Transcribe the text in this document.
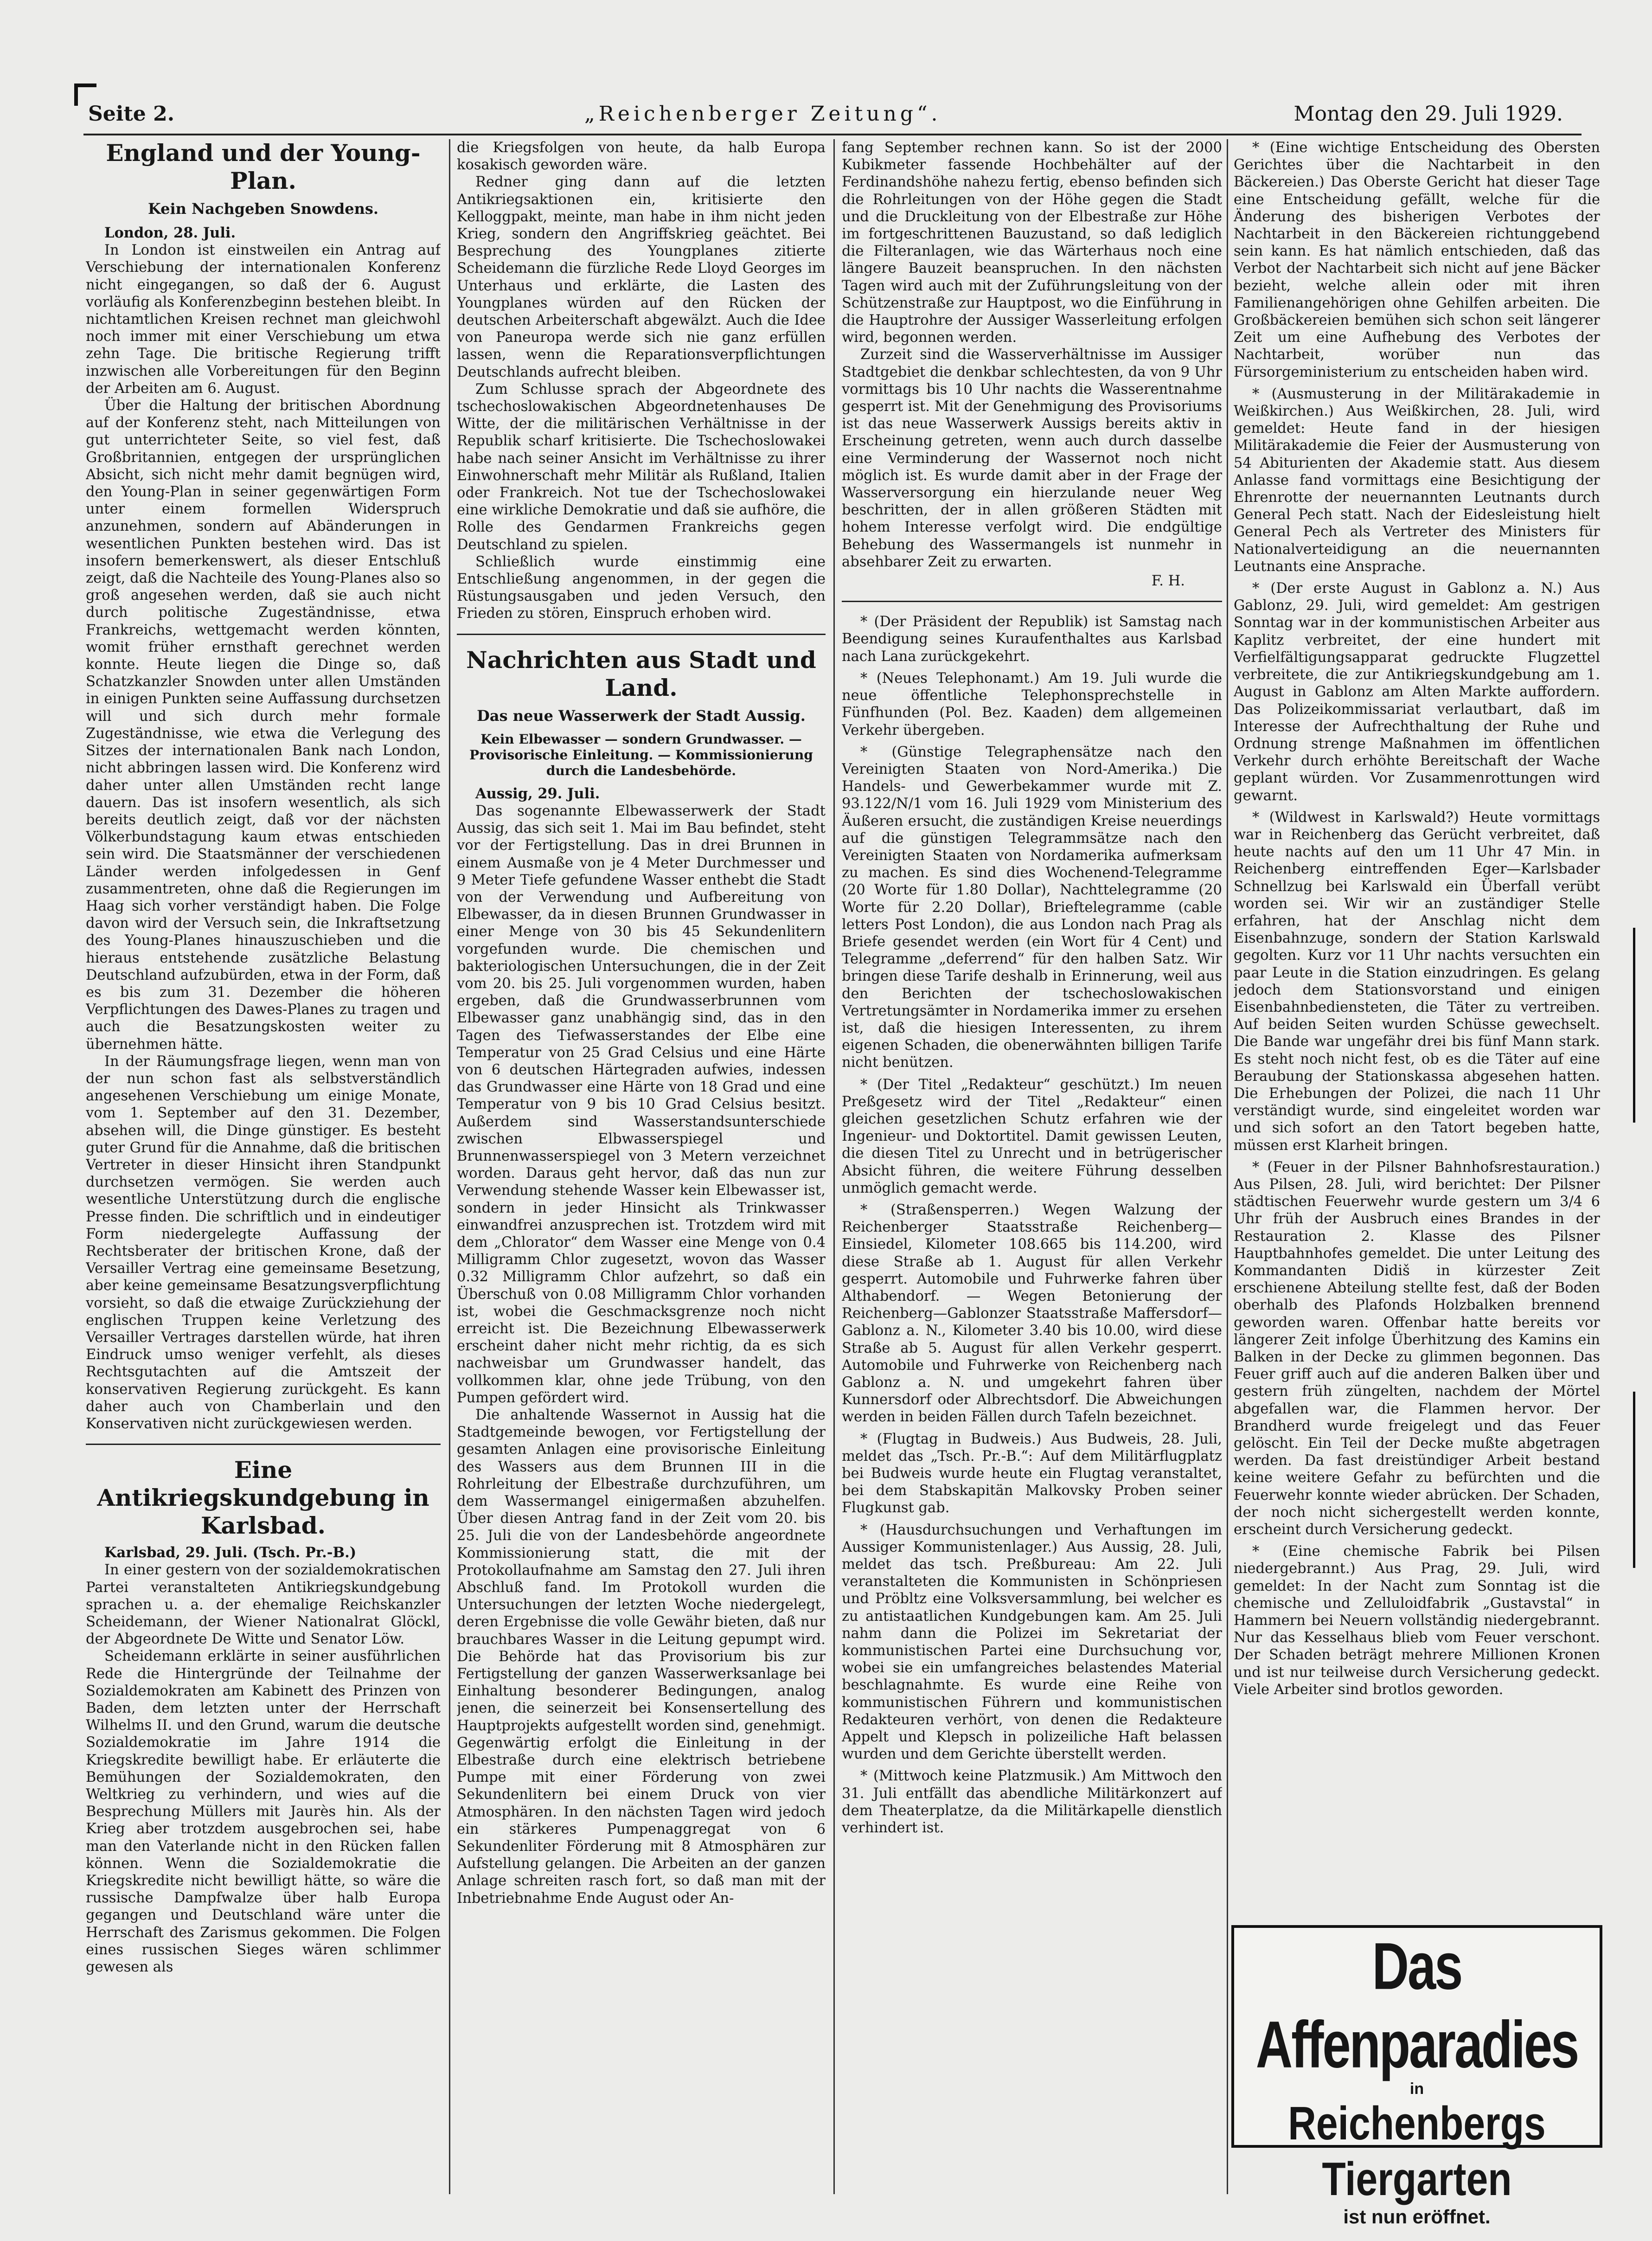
Seite 2.	„Reichenberger Zeitung“.	Montag den 29. Juli 1929.
England und der Young-Plan.
Kein Nachgeben Snowdens.

London, 28. Juli.

In London ist einstweilen ein Antrag auf Verschiebung der internationalen Konferenz nicht eingegangen, so daß der 6. August vorläufig als Konferenzbeginn bestehen bleibt. In nichtamtlichen Kreisen rechnet man gleichwohl noch immer mit einer Verschiebung um etwa zehn Tage. Die britische Regierung trifft inzwischen alle Vorbereitungen für den Beginn der Arbeiten am 6. August.

Über die Haltung der britischen Abordnung auf der Konferenz steht, nach Mitteilungen von gut unterrichteter Seite, so viel fest, daß Großbritannien, entgegen der ursprünglichen Absicht, sich nicht mehr damit begnügen wird, den Young-Plan in seiner gegenwärtigen Form unter einem formellen Widerspruch anzunehmen, sondern auf Abänderungen in wesentlichen Punkten bestehen wird. Das ist insofern bemerkenswert, als dieser Entschluß zeigt, daß die Nachteile des Young-Planes also so groß angesehen werden, daß sie auch nicht durch politische Zugeständnisse, etwa Frankreichs, wettgemacht werden könnten, womit früher ernsthaft gerechnet werden konnte. Heute liegen die Dinge so, daß Schatzkanzler Snowden unter allen Umständen in einigen Punkten seine Auffassung durchsetzen will und sich durch mehr formale Zugeständnisse, wie etwa die Verlegung des Sitzes der internationalen Bank nach London, nicht abbringen lassen wird. Die Konferenz wird daher unter allen Umständen recht lange dauern. Das ist insofern wesentlich, als sich bereits deutlich zeigt, daß vor der nächsten Völkerbundstagung kaum etwas entschieden sein wird. Die Staatsmänner der verschiedenen Länder werden infolgedessen in Genf zusammentreten, ohne daß die Regierungen im Haag sich vorher verständigt haben. Die Folge davon wird der Versuch sein, die Inkraftsetzung des Young-Planes hinauszuschieben und die hieraus entstehende zusätzliche Belastung Deutschland aufzubürden, etwa in der Form, daß es bis zum 31. Dezember die höheren Verpflichtungen des Dawes-Planes zu tragen und auch die Besatzungskosten weiter zu übernehmen hätte.

In der Räumungsfrage liegen, wenn man von der nun schon fast als selbstverständlich angesehenen Verschiebung um einige Monate, vom 1. September auf den 31. Dezember, absehen will, die Dinge günstiger. Es besteht guter Grund für die Annahme, daß die britischen Vertreter in dieser Hinsicht ihren Standpunkt durchsetzen vermögen. Sie werden auch wesentliche Unterstützung durch die englische Presse finden. Die schriftlich und in eindeutiger Form niedergelegte Auffassung der Rechtsberater der britischen Krone, daß der Versailler Vertrag eine gemeinsame Besetzung, aber keine gemeinsame Besatzungsverpflichtung vorsieht, so daß die etwaige Zurückziehung der englischen Truppen keine Verletzung des Versailler Vertrages darstellen würde, hat ihren Eindruck umso weniger verfehlt, als dieses Rechtsgutachten auf die Amtszeit der konservativen Regierung zurückgeht. Es kann daher auch von Chamberlain und den Konservativen nicht zurückgewiesen werden.

Eine Antikriegskundgebung in Karlsbad.

Karlsbad, 29. Juli. (Tsch. Pr.-B.)

In einer gestern von der sozialdemokratischen Partei veranstalteten Antikriegskundgebung sprachen u. a. der ehemalige Reichskanzler Scheidemann, der Wiener Nationalrat Glöckl, der Abgeordnete De Witte und Senator Löw.

Scheidemann erklärte in seiner ausführlichen Rede die Hintergründe der Teilnahme der Sozialdemokraten am Kabinett des Prinzen von Baden, dem letzten unter der Herrschaft Wilhelms II. und den Grund, warum die deutsche Sozialdemokratie im Jahre 1914 die Kriegskredite bewilligt habe. Er erläuterte die Bemühungen der Sozialdemokraten, den Weltkrieg zu verhindern, und wies auf die Besprechung Müllers mit Jaurès hin. Als der Krieg aber trotzdem ausgebrochen sei, habe man den Vaterlande nicht in den Rücken fallen können. Wenn die Sozialdemokratie die Kriegskredite nicht bewilligt hätte, so wäre die russische Dampfwalze über halb Europa gegangen und Deutschland wäre unter die Herrschaft des Zarismus gekommen. Die Folgen eines russischen Sieges wären schlimmer gewesen als

die Kriegsfolgen von heute, da halb Europa kosakisch geworden wäre.

Redner ging dann auf die letzten Antikriegsaktionen ein, kritisierte den Kelloggpakt, meinte, man habe in ihm nicht jeden Krieg, sondern den Angriffskrieg geächtet. Bei Besprechung des Youngplanes zitierte Scheidemann die fürzliche Rede Lloyd Georges im Unterhaus und erklärte, die Lasten des Youngplanes würden auf den Rücken der deutschen Arbeiterschaft abgewälzt. Auch die Idee von Paneuropa werde sich nie ganz erfüllen lassen, wenn die Reparationsverpflichtungen Deutschlands aufrecht bleiben.

Zum Schlusse sprach der Abgeordnete des tschechoslowakischen Abgeordnetenhauses De Witte, der die militärischen Verhältnisse in der Republik scharf kritisierte. Die Tschechoslowakei habe nach seiner Ansicht im Verhältnisse zu ihrer Einwohnerschaft mehr Militär als Rußland, Italien oder Frankreich. Not tue der Tschechoslowakei eine wirkliche Demokratie und daß sie aufhöre, die Rolle des Gendarmen Frankreichs gegen Deutschland zu spielen.

Schließlich wurde einstimmig eine Entschließung angenommen, in der gegen die Rüstungsausgaben und jeden Versuch, den Frieden zu stören, Einspruch erhoben wird.

Nachrichten aus Stadt und Land.
Das neue Wasserwerk der Stadt Aussig.
Kein Elbewasser — sondern Grundwasser. — Provisorische Einleitung. — Kommissionierung durch die Landesbehörde.

Aussig, 29. Juli.

Das sogenannte Elbewasserwerk der Stadt Aussig, das sich seit 1. Mai im Bau befindet, steht vor der Fertigstellung. Das in drei Brunnen in einem Ausmaße von je 4 Meter Durchmesser und 9 Meter Tiefe gefundene Wasser enthebt die Stadt von der Verwendung und Aufbereitung von Elbewasser, da in diesen Brunnen Grundwasser in einer Menge von 30 bis 45 Sekundenlitern vorgefunden wurde. Die chemischen und bakteriologischen Untersuchungen, die in der Zeit vom 20. bis 25. Juli vorgenommen wurden, haben ergeben, daß die Grundwasserbrunnen vom Elbewasser ganz unabhängig sind, das in den Tagen des Tiefwasserstandes der Elbe eine Temperatur von 25 Grad Celsius und eine Härte von 6 deutschen Härtegraden aufwies, indessen das Grundwasser eine Härte von 18 Grad und eine Temperatur von 9 bis 10 Grad Celsius besitzt. Außerdem sind Wasserstandsunterschiede zwischen Elbwasserspiegel und Brunnenwasserspiegel von 3 Metern verzeichnet worden. Daraus geht hervor, daß das nun zur Verwendung stehende Wasser kein Elbewasser ist, sondern in jeder Hinsicht als Trinkwasser einwandfrei anzusprechen ist. Trotzdem wird mit dem „Chlorator“ dem Wasser eine Menge von 0.4 Milligramm Chlor zugesetzt, wovon das Wasser 0.32 Milligramm Chlor aufzehrt, so daß ein Überschuß von 0.08 Milligramm Chlor vorhanden ist, wobei die Geschmacksgrenze noch nicht erreicht ist. Die Bezeichnung Elbewasserwerk erscheint daher nicht mehr richtig, da es sich nachweisbar um Grundwasser handelt, das vollkommen klar, ohne jede Trübung, von den Pumpen gefördert wird.

Die anhaltende Wassernot in Aussig hat die Stadtgemeinde bewogen, vor Fertigstellung der gesamten Anlagen eine provisorische Einleitung des Wassers aus dem Brunnen III in die Rohrleitung der Elbestraße durchzuführen, um dem Wassermangel einigermaßen abzuhelfen. Über diesen Antrag fand in der Zeit vom 20. bis 25. Juli die von der Landesbehörde angeordnete Kommissionierung statt, die mit der Protokollaufnahme am Samstag den 27. Juli ihren Abschluß fand. Im Protokoll wurden die Untersuchungen der letzten Woche niedergelegt, deren Ergebnisse die volle Gewähr bieten, daß nur brauchbares Wasser in die Leitung gepumpt wird. Die Behörde hat das Provisorium bis zur Fertigstellung der ganzen Wasserwerksanlage bei Einhaltung besonderer Bedingungen, analog jenen, die seinerzeit bei Konsensertellung des Hauptprojekts aufgestellt worden sind, genehmigt. Gegenwärtig erfolgt die Einleitung in der Elbestraße durch eine elektrisch betriebene Pumpe mit einer Förderung von zwei Sekundenlitern bei einem Druck von vier Atmosphären. In den nächsten Tagen wird jedoch ein stärkeres Pumpenaggregat von 6 Sekundenliter Förderung mit 8 Atmosphären zur Aufstellung gelangen. Die Arbeiten an der ganzen Anlage schreiten rasch fort, so daß man mit der Inbetriebnahme Ende August oder An-

fang September rechnen kann. So ist der 2000 Kubikmeter fassende Hochbehälter auf der Ferdinandshöhe nahezu fertig, ebenso befinden sich die Rohrleitungen von der Höhe gegen die Stadt und die Druckleitung von der Elbestraße zur Höhe im fortgeschrittenen Bauzustand, so daß lediglich die Filteranlagen, wie das Wärterhaus noch eine längere Bauzeit beanspruchen. In den nächsten Tagen wird auch mit der Zuführungsleitung von der Schützenstraße zur Hauptpost, wo die Einführung in die Hauptrohre der Aussiger Wasserleitung erfolgen wird, begonnen werden.

Zurzeit sind die Wasserverhältnisse im Aussiger Stadtgebiet die denkbar schlechtesten, da von 9 Uhr vormittags bis 10 Uhr nachts die Wasserentnahme gesperrt ist. Mit der Genehmigung des Provisoriums ist das neue Wasserwerk Aussigs bereits aktiv in Erscheinung getreten, wenn auch durch dasselbe eine Verminderung der Wassernot noch nicht möglich ist. Es wurde damit aber in der Frage der Wasserversorgung ein hierzulande neuer Weg beschritten, der in allen größeren Städten mit hohem Interesse verfolgt wird. Die endgültige Behebung des Wassermangels ist nunmehr in absehbarer Zeit zu erwarten.

F. H.

* (Der Präsident der Republik) ist Samstag nach Beendigung seines Kuraufenthaltes aus Karlsbad nach Lana zurückgekehrt.

* (Neues Telephonamt.) Am 19. Juli wurde die neue öffentliche Telephonsprechstelle in Fünfhunden (Pol. Bez. Kaaden) dem allgemeinen Verkehr übergeben.

* (Günstige Telegraphensätze nach den Vereinigten Staaten von Nord-Amerika.) Die Handels- und Gewerbekammer wurde mit Z. 93.122/N/1 vom 16. Juli 1929 vom Ministerium des Äußeren ersucht, die zuständigen Kreise neuerdings auf die günstigen Telegrammsätze nach den Vereinigten Staaten von Nordamerika aufmerksam zu machen. Es sind dies Wochenend-Telegramme (20 Worte für 1.80 Dollar), Nachttelegramme (20 Worte für 2.20 Dollar), Brieftelegramme (cable letters Post London), die aus London nach Prag als Briefe gesendet werden (ein Wort für 4 Cent) und Telegramme „deferrend“ für den halben Satz. Wir bringen diese Tarife deshalb in Erinnerung, weil aus den Berichten der tschechoslowakischen Vertretungsämter in Nordamerika immer zu ersehen ist, daß die hiesigen Interessenten, zu ihrem eigenen Schaden, die obenerwähnten billigen Tarife nicht benützen.

* (Der Titel „Redakteur“ geschützt.) Im neuen Preßgesetz wird der Titel „Redakteur“ einen gleichen gesetzlichen Schutz erfahren wie der Ingenieur- und Doktortitel. Damit gewissen Leuten, die diesen Titel zu Unrecht und in betrügerischer Absicht führen, die weitere Führung desselben unmöglich gemacht werde.

* (Straßensperren.) Wegen Walzung der Reichenberger Staatsstraße Reichenberg—Einsiedel, Kilometer 108.665 bis 114.200, wird diese Straße ab 1. August für allen Verkehr gesperrt. Automobile und Fuhrwerke fahren über Althabendorf. — Wegen Betonierung der Reichenberg—Gablonzer Staatsstraße Maffersdorf—Gablonz a. N., Kilometer 3.40 bis 10.00, wird diese Straße ab 5. August für allen Verkehr gesperrt. Automobile und Fuhrwerke von Reichenberg nach Gablonz a. N. und umgekehrt fahren über Kunnersdorf oder Albrechtsdorf. Die Abweichungen werden in beiden Fällen durch Tafeln bezeichnet.

* (Flugtag in Budweis.) Aus Budweis, 28. Juli, meldet das „Tsch. Pr.-B.“: Auf dem Militärflugplatz bei Budweis wurde heute ein Flugtag veranstaltet, bei dem Stabskapitän Malkovsky Proben seiner Flugkunst gab.

* (Hausdurchsuchungen und Verhaftungen im Aussiger Kommunistenlager.) Aus Aussig, 28. Juli, meldet das tsch. Preßbureau: Am 22. Juli veranstalteten die Kommunisten in Schönpriesen und Pröbltz eine Volksversammlung, bei welcher es zu antistaatlichen Kundgebungen kam. Am 25. Juli nahm dann die Polizei im Sekretariat der kommunistischen Partei eine Durchsuchung vor, wobei sie ein umfangreiches belastendes Material beschlagnahmte. Es wurde eine Reihe von kommunistischen Führern und kommunistischen Redakteuren verhört, von denen die Redakteure Appelt und Klepsch in polizeiliche Haft belassen wurden und dem Gerichte überstellt werden.

* (Mittwoch keine Platzmusik.) Am Mittwoch den 31. Juli entfällt das abendliche Militärkonzert auf dem Theaterplatze, da die Militärkapelle dienstlich verhindert ist.

* (Eine wichtige Entscheidung des Obersten Gerichtes über die Nachtarbeit in den Bäckereien.) Das Oberste Gericht hat dieser Tage eine Entscheidung gefällt, welche für die Änderung des bisherigen Verbotes der Nachtarbeit in den Bäckereien richtunggebend sein kann. Es hat nämlich entschieden, daß das Verbot der Nachtarbeit sich nicht auf jene Bäcker bezieht, welche allein oder mit ihren Familienangehörigen ohne Gehilfen arbeiten. Die Großbäckereien bemühen sich schon seit längerer Zeit um eine Aufhebung des Verbotes der Nachtarbeit, worüber nun das Fürsorgeministerium zu entscheiden haben wird.

* (Ausmusterung in der Militärakademie in Weißkirchen.) Aus Weißkirchen, 28. Juli, wird gemeldet: Heute fand in der hiesigen Militärakademie die Feier der Ausmusterung von 54 Abiturienten der Akademie statt. Aus diesem Anlasse fand vormittags eine Besichtigung der Ehrenrotte der neuernannten Leutnants durch General Pech statt. Nach der Eidesleistung hielt General Pech als Vertreter des Ministers für Nationalverteidigung an die neuernannten Leutnants eine Ansprache.

* (Der erste August in Gablonz a. N.) Aus Gablonz, 29. Juli, wird gemeldet: Am gestrigen Sonntag war in der kommunistischen Arbeiter aus Kaplitz verbreitet, der eine hundert mit Verfielfältigungsapparat gedruckte Flugzettel verbreitete, die zur Antikriegskundgebung am 1. August in Gablonz am Alten Markte auffordern. Das Polizeikommissariat verlautbart, daß im Interesse der Aufrechthaltung der Ruhe und Ordnung strenge Maßnahmen im öffentlichen Verkehr durch erhöhte Bereitschaft der Wache geplant würden. Vor Zusammenrottungen wird gewarnt.

* (Wildwest in Karlswald?) Heute vormittags war in Reichenberg das Gerücht verbreitet, daß heute nachts auf den um 11 Uhr 47 Min. in Reichenberg eintreffenden Eger—Karlsbader Schnellzug bei Karlswald ein Überfall verübt worden sei. Wir wir an zuständiger Stelle erfahren, hat der Anschlag nicht dem Eisenbahnzuge, sondern der Station Karlswald gegolten. Kurz vor 11 Uhr nachts versuchten ein paar Leute in die Station einzudringen. Es gelang jedoch dem Stationsvorstand und einigen Eisenbahnbediensteten, die Täter zu vertreiben. Auf beiden Seiten wurden Schüsse gewechselt. Die Bande war ungefähr drei bis fünf Mann stark. Es steht noch nicht fest, ob es die Täter auf eine Beraubung der Stationskassa abgesehen hatten. Die Erhebungen der Polizei, die nach 11 Uhr verständigt wurde, sind eingeleitet worden war und sich sofort an den Tatort begeben hatte, müssen erst Klarheit bringen.

* (Feuer in der Pilsner Bahnhofsrestauration.) Aus Pilsen, 28. Juli, wird berichtet: Der Pilsner städtischen Feuerwehr wurde gestern um 3/4 6 Uhr früh der Ausbruch eines Brandes in der Restauration 2. Klasse des Pilsner Hauptbahnhofes gemeldet. Die unter Leitung des Kommandanten Didiš in kürzester Zeit erschienene Abteilung stellte fest, daß der Boden oberhalb des Plafonds Holzbalken brennend geworden waren. Offenbar hatte bereits vor längerer Zeit infolge Überhitzung des Kamins ein Balken in der Decke zu glimmen begonnen. Das Feuer griff auch auf die anderen Balken über und gestern früh züngelten, nachdem der Mörtel abgefallen war, die Flammen hervor. Der Brandherd wurde freigelegt und das Feuer gelöscht. Ein Teil der Decke mußte abgetragen werden. Da fast dreistündiger Arbeit bestand keine weitere Gefahr zu befürchten und die Feuerwehr konnte wieder abrücken. Der Schaden, der noch nicht sichergestellt werden konnte, erscheint durch Versicherung gedeckt.

* (Eine chemische Fabrik bei Pilsen niedergebrannt.) Aus Prag, 29. Juli, wird gemeldet: In der Nacht zum Sonntag ist die chemische und Zelluloidfabrik „Gustavstal“ in Hammern bei Neuern vollständig niedergebrannt. Nur das Kesselhaus blieb vom Feuer verschont. Der Schaden beträgt mehrere Millionen Kronen und ist nur teilweise durch Versicherung gedeckt. Viele Arbeiter sind brotlos geworden.

Das Affenparadies
in
Reichenbergs Tiergarten
ist nun eröffnet.
